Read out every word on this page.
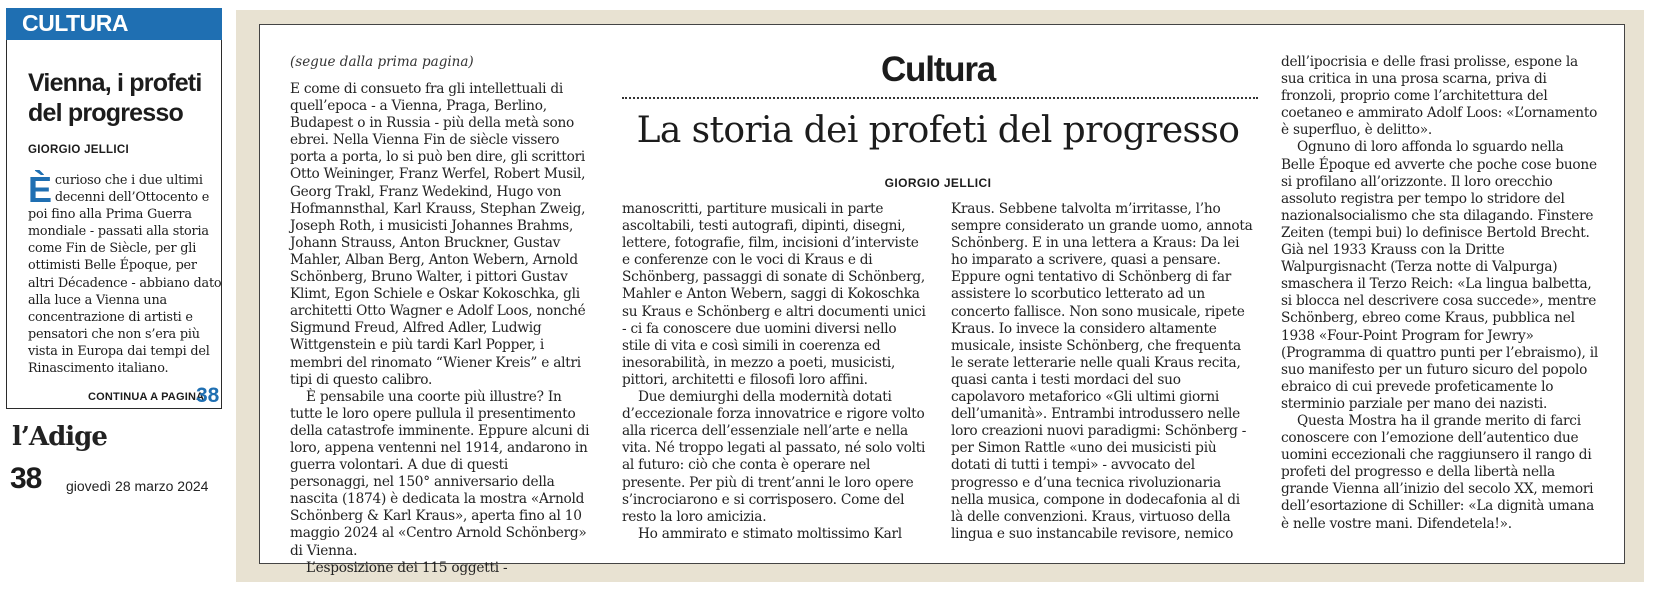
CULTURA
Vienna, i profeti del progresso
GIORGIO JELLICI

È curioso che i due ultimi decenni dell’Ottocento e poi fino alla Prima Guerra mondiale - passati alla storia come Fin de Siècle, per gli ottimisti Belle Époque, per altri Décadence - abbiano dato alla luce a Vienna una concentrazione di artisti e pensatori che non s’era più vista in Europa dai tempi del Rinascimento italiano.

CONTINUA A PAGINA
38
l’Adige
38 giovedì 28 marzo 2024
(segue dalla prima pagina)	Cultura
La storia dei profeti del progresso
GIORGIO JELLICI

E come di consueto fra gli intellettuali di quell’epoca - a Vienna, Praga, Berlino, Budapest o in Russia - più della metà sono ebrei. Nella Vienna Fin de siècle vissero porta a porta, lo si può ben dire, gli scrittori Otto Weininger, Franz Werfel, Robert Musil, Georg Trakl, Franz Wedekind, Hugo von Hofmannsthal, Karl Krauss, Stephan Zweig, Joseph Roth, i musicisti Johannes Brahms, Johann Strauss, Anton Bruckner, Gustav Mahler, Alban Berg, Anton Webern, Arnold Schönberg, Bruno Walter, i pittori Gustav Klimt, Egon Schiele e Oskar Kokoschka, gli architetti Otto Wagner e Adolf Loos, nonché Sigmund Freud, Alfred Adler, Ludwig Wittgenstein e più tardi Karl Popper, i membri del rinomato “Wiener Kreis” e altri tipi di questo calibro.

È pensabile una coorte più illustre? In tutte le loro opere pullula il presentimento della catastrofe imminente. Eppure alcuni di loro, appena ventenni nel 1914, andarono in guerra volontari. A due di questi personaggi, nel 150° anniversario della nascita (1874) è dedicata la mostra «Arnold Schönberg & Karl Kraus», aperta fino al 10 maggio 2024 al «Centro Arnold Schönberg» di Vienna.

L’esposizione dei 115 oggetti -

manoscritti, partiture musicali in parte ascoltabili, testi autografi, dipinti, disegni, lettere, fotografie, film, incisioni d’interviste e conferenze con le voci di Kraus e di Schönberg, passaggi di sonate di Schönberg, Mahler e Anton Webern, saggi di Kokoschka su Kraus e Schönberg e altri documenti unici - ci fa conoscere due uomini diversi nello stile di vita e così simili in coerenza ed inesorabilità, in mezzo a poeti, musicisti, pittori, architetti e filosofi loro affini.

Due demiurghi della modernità dotati d’eccezionale forza innovatrice e rigore volto alla ricerca dell’essenziale nell’arte e nella vita. Né troppo legati al passato, né solo volti al futuro: ciò che conta è operare nel presente. Per più di trent’anni le loro opere s’incrociarono e si corrisposero. Come del resto la loro amicizia.

Ho ammirato e stimato moltissimo Karl

Kraus. Sebbene talvolta m’irritasse, l’ho sempre considerato un grande uomo, annota Schönberg. E in una lettera a Kraus: Da lei ho imparato a scrivere, quasi a pensare. Eppure ogni tentativo di Schönberg di far assistere lo scorbutico letterato ad un concerto fallisce. Non sono musicale, ripete Kraus. Io invece la considero altamente musicale, insiste Schönberg, che frequenta le serate letterarie nelle quali Kraus recita, quasi canta i testi mordaci del suo capolavoro metaforico «Gli ultimi giorni dell’umanità». Entrambi introdussero nelle loro creazioni nuovi paradigmi: Schönberg - per Simon Rattle «uno dei musicisti più dotati di tutti i tempi» - avvocato del progresso e d’una tecnica rivoluzionaria nella musica, compone in dodecafonia al di là delle convenzioni. Kraus, virtuoso della lingua e suo instancabile revisore, nemico

dell’ipocrisia e delle frasi prolisse, espone la sua critica in una prosa scarna, priva di fronzoli, proprio come l’architettura del coetaneo e ammirato Adolf Loos: «L’ornamento è superfluo, è delitto».

Ognuno di loro affonda lo sguardo nella Belle Époque ed avverte che poche cose buone si profilano all’orizzonte. Il loro orecchio assoluto registra per tempo lo stridore del nazionalsocialismo che sta dilagando. Finstere Zeiten (tempi bui) lo definisce Bertold Brecht. Già nel 1933 Krauss con la Dritte Walpurgisnacht (Terza notte di Valpurga) smaschera il Terzo Reich: «La lingua balbetta, si blocca nel descrivere cosa succede», mentre Schönberg, ebreo come Kraus, pubblica nel 1938 «Four-Point Program for Jewry» (Programma di quattro punti per l’ebraismo), il suo manifesto per un futuro sicuro del popolo ebraico di cui prevede profeticamente lo sterminio parziale per mano dei nazisti.

Questa Mostra ha il grande merito di farci conoscere con l’emozione dell’autentico due uomini eccezionali che raggiunsero il rango di profeti del progresso e della libertà nella grande Vienna all’inizio del secolo XX, memori dell’esortazione di Schiller: «La dignità umana è nelle vostre mani. Difendetela!».
